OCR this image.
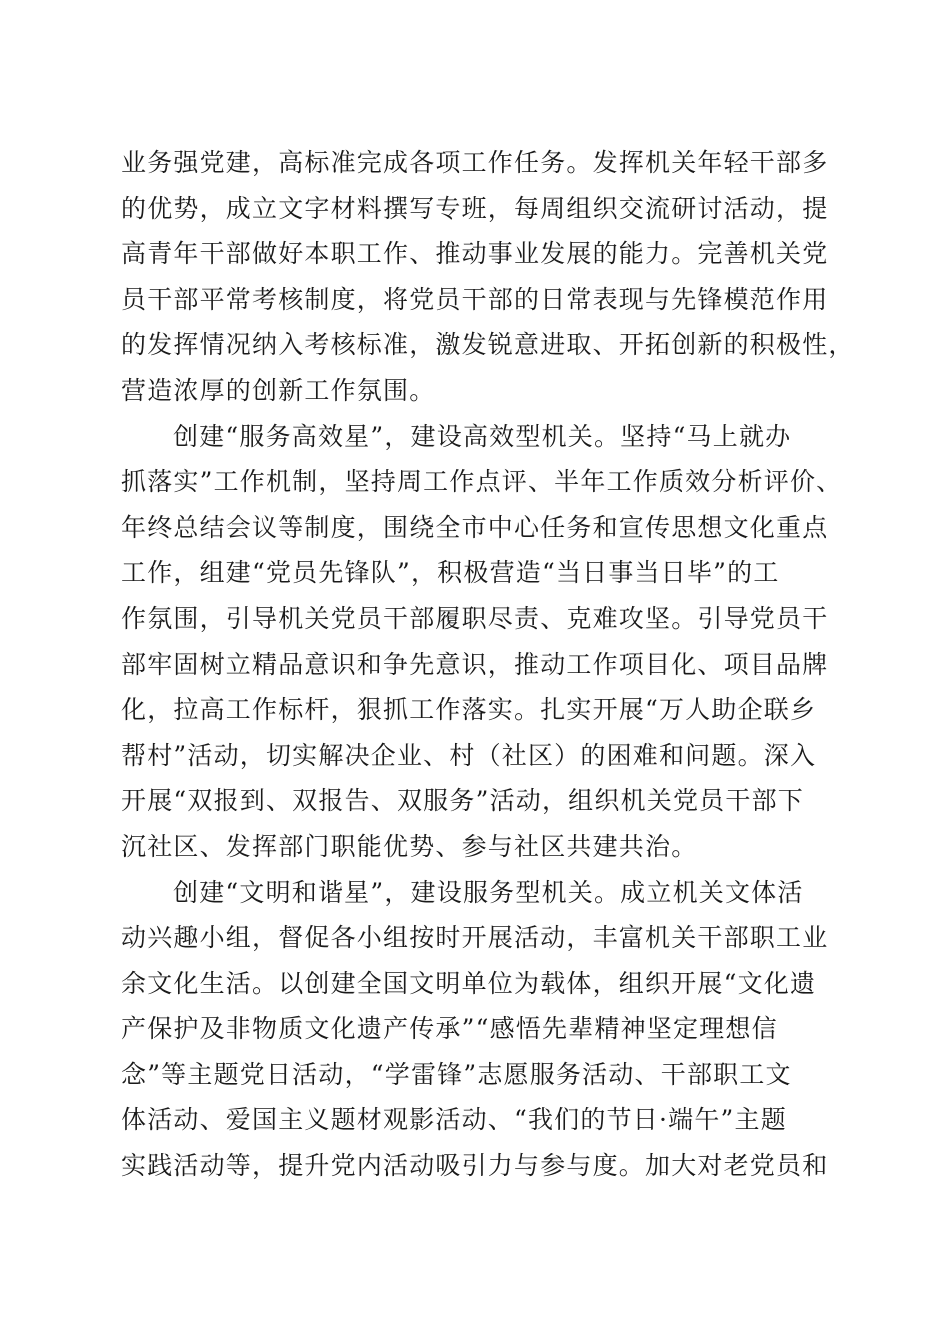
业务强党建，高标准完成各项工作任务。发挥机关年轻干部多
的优势，成立文字材料撰写专班，每周组织交流研讨活动，提
高青年干部做好本职工作、推动事业发展的能力。完善机关党
员干部平常考核制度，将党员干部的日常表现与先锋模范作用
的发挥情况纳入考核标准，激发锐意进取、开拓创新的积极性，
营造浓厚的创新工作氛围。
创建“服务高效星”，建设高效型机关。坚持“马上就办
抓落实”工作机制，坚持周工作点评、半年工作质效分析评价、
年终总结会议等制度，围绕全市中心任务和宣传思想文化重点
工作，组建“党员先锋队”，积极营造“当日事当日毕”的工
作氛围，引导机关党员干部履职尽责、克难攻坚。引导党员干
部牢固树立精品意识和争先意识，推动工作项目化、项目品牌
化，拉高工作标杆，狠抓工作落实。扎实开展“万人助企联乡
帮村”活动，切实解决企业、村（社区）的困难和问题。深入
开展“双报到、双报告、双服务”活动，组织机关党员干部下
沉社区、发挥部门职能优势、参与社区共建共治。
创建“文明和谐星”，建设服务型机关。成立机关文体活
动兴趣小组，督促各小组按时开展活动，丰富机关干部职工业
余文化生活。以创建全国文明单位为载体，组织开展“文化遗
产保护及非物质文化遗产传承”“感悟先辈精神坚定理想信
念”等主题党日活动，“学雷锋”志愿服务活动、干部职工文
体活动、爱国主义题材观影活动、“我们的节日·端午”主题
实践活动等，提升党内活动吸引力与参与度。加大对老党员和
